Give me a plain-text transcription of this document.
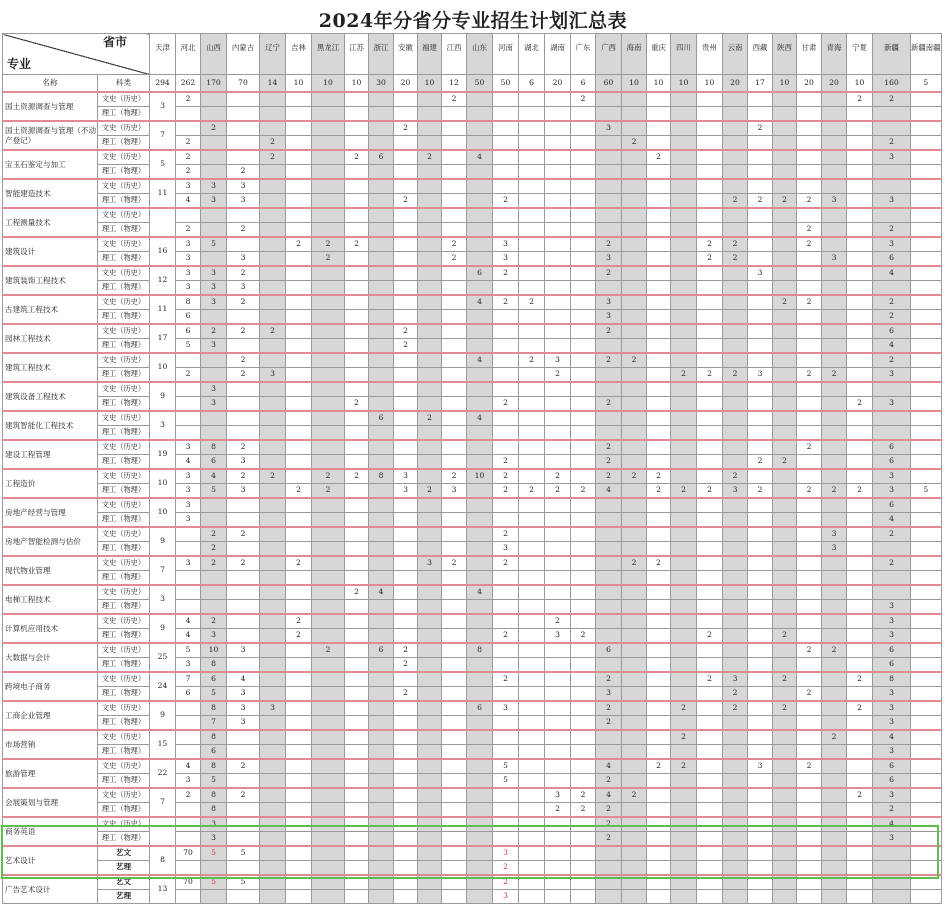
2024年分省分专业招生计划汇总表
省市
专业		天津	河北	山西	内蒙古	辽宁	吉林	黑龙江	江苏	浙江	安徽	福建	江西	山东	河南	湖北	湖南	广东	广西	海南	重庆	四川	贵州	云南	西藏	陕西	甘肃	青海	宁夏	新疆	新疆南疆
名称	科类	294	262	170	70	14	10	10	10	30	20	10	12	50	50	6	20	6	60	10	10	10	10	20	17	10	20	20	10	160	5
国土资源调查与管理	文史（历史）	3	2										2					2											2	2	
	理工（物理）																														
国土资源调查与管理（不动产登记）	文史（历史）	7		2							2								3						2						
	理工（物理）		2			2														2										2	
宝玉石鉴定与加工	文史（历史）	5	2			2			2	6		2		4							2									3	
	理工（物理）		2		2																										
智能建造技术	文史（历史）	11	3	3	3																										
	理工（物理）		4	3	3						2				2									2	2	2	2	3		3	
工程测量技术	文史（历史）																														
	理工（物理）		2		2																						2			2	
建筑设计	文史（历史）	16	3	5			2	2	2				2		3				2				2	2			2			3	
	理工（物理）		3		3			2					2		3				3				2	2				3		6	
建筑装饰工程技术	文史（历史）	12	3	3	2									6	2				2						3					4	
	理工（物理）		3	3	3																										
古建筑工程技术	文史（历史）	11	8	3	2									4	2	2			3							2	2			2	
	理工（物理）		6																3											2	
园林工程技术	文史（历史）	17	6	2	2	2					2								2											6	
	理工（物理）		5	3							2																			4	
建筑工程技术	文史（历史）	10			2									4		2	3		2	2										2	
	理工（物理）		2		2	3											2					2	2	2	3		2	2		3	
建筑设备工程技术	文史（历史）	9		3																											
	理工（物理）			3					2						2				2										2	3	
建筑智能化工程技术	文史（历史）	3								6		2		4																	
	理工（物理）																														
建设工程管理	文史（历史）	19	3	8	2														2								2			6	
	理工（物理）		4	6	3										2				2						2	2				6	
工程造价	文史（历史）	10	3	4	2	2		2	2	8	3		2	10	2		2		2	2	2			2						3	
	理工（物理）		3	5	3		2	2			3	2	3		2	2	2	2	4		2	2	2	3	2		2	2	2	3	5
房地产经营与管理	文史（历史）	10	3																											6	
	理工（物理）		3																											4	
房地产智能检测与估价	文史（历史）	9		2	2										2													3		2	
	理工（物理）			2											3													3			
现代物业管理	文史（历史）	7	3	2	2		2					3	2		2					2	2									2	
	理工（物理）																														
电梯工程技术	文史（历史）	3							2	4				4																	
	理工（物理）																													3	
计算机应用技术	文史（历史）	9	4	2			2										2													3	
	理工（物理）		4	3			2								2		3	2					2			2				3	
大数据与会计	文史（历史）	25	5	10	3			2		6	2			8					6								2	2		6	
	理工（物理）		3	8							2																			6	
跨境电子商务	文史（历史）	24	7	6	4										2				2				2	3		2			2	8	
	理工（物理）		6	5	3						2								3					2			2			3	
工商企业管理	文史（历史）	9		8	3	3								6	3				2			2		2		2			2	3	
	理工（物理）			7	3														2											3	
市场营销	文史（历史）	15		8																		2						2		4	
	理工（物理）			6																										3	
旅游管理	文史（历史）	22	4	8	2										5				4		2	2			3		2			6	
	理工（物理）		3	5											5				2											6	
会展策划与管理	文史（历史）	7	2	8	2												3	2	4	2									2	3	
	理工（物理）			8													2	2	2											2	
商务英语	文史（历史）			3															2											4	
	理工（物理）			3															2											3	
艺术设计	艺文	8	70	5	5										3																
	艺理														2																
广告艺术设计	艺文	13	70	5	5										2																
	艺理														3																
